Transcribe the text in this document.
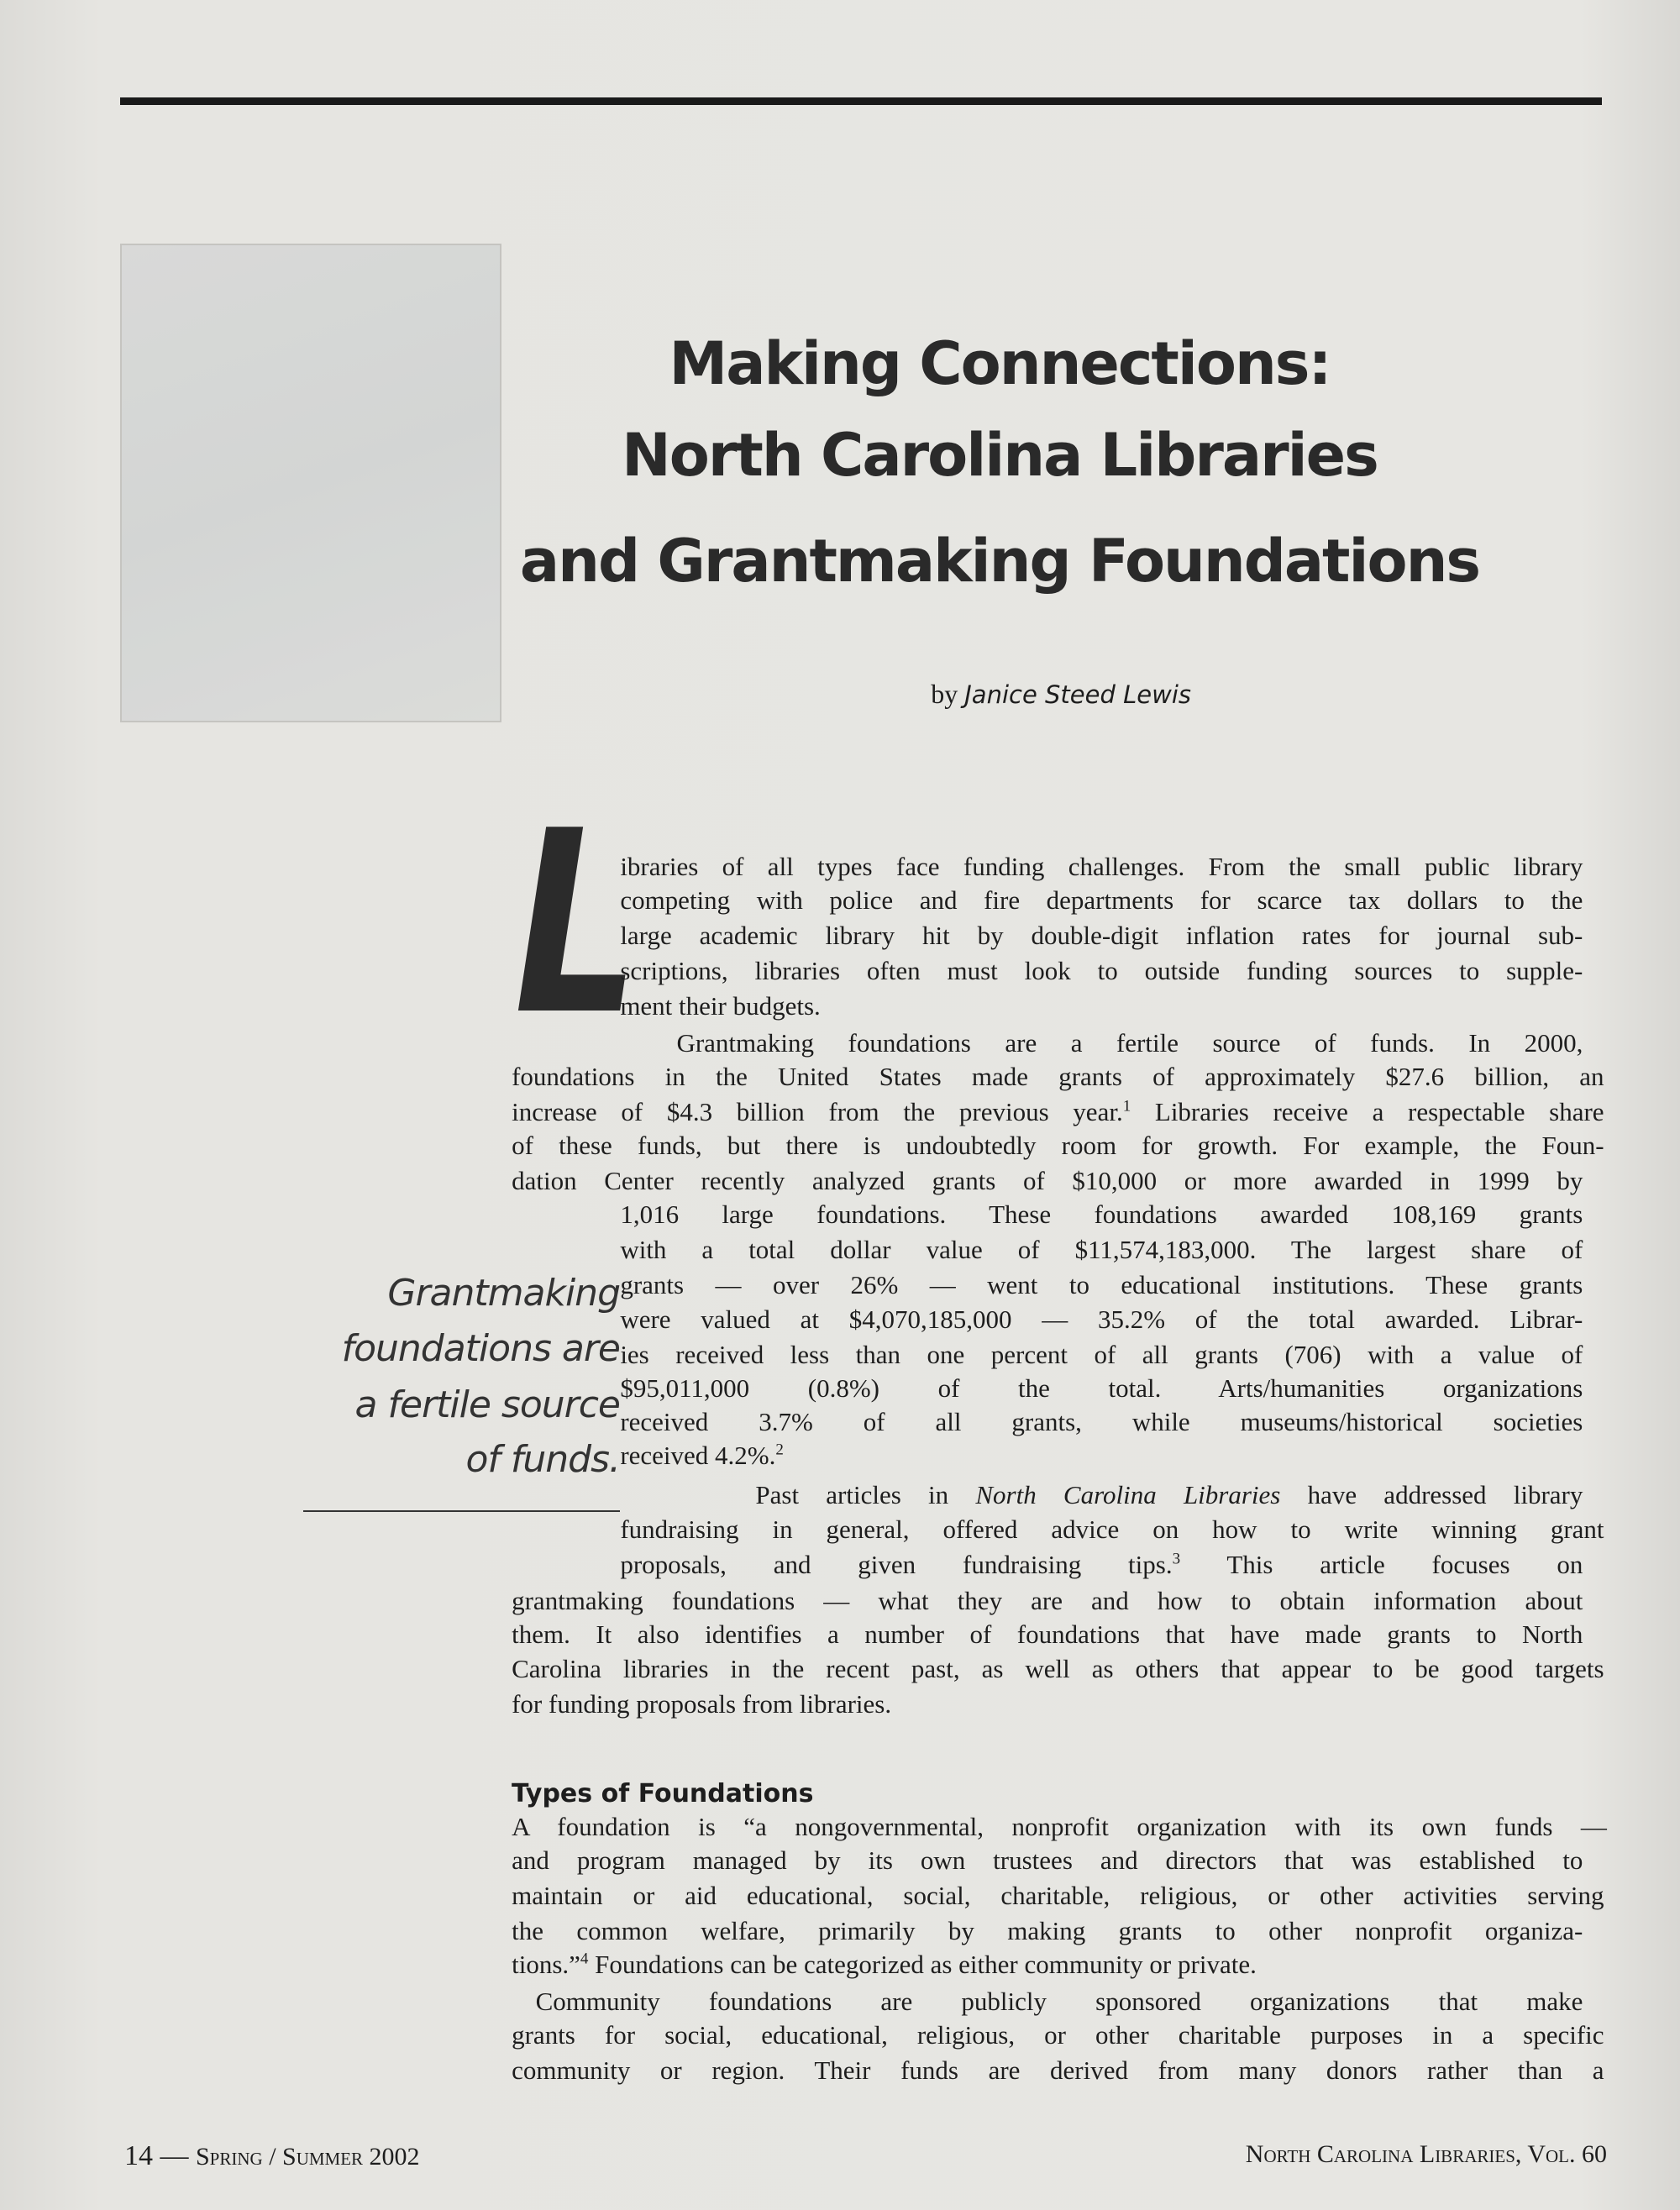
Making Connections:
North Carolina Libraries
and Grantmaking Foundations
by Janice Steed Lewis
L
Grantmaking
foundations are
a fertile source
of funds.
Types of Foundations
ibraries of all types face funding challenges. From the small public library
competing with police and fire departments for scarce tax dollars to the
large academic library hit by double-digit inflation rates for journal sub-
scriptions, libraries often must look to outside funding sources to supple-
ment their budgets.
Grantmaking foundations are a fertile source of funds. In 2000,
foundations in the United States made grants of approximately $27.6 billion, an
increase of $4.3 billion from the previous year.$^1$ Libraries receive a respectable share
of these funds, but there is undoubtedly room for growth. For example, the Foun-
dation Center recently analyzed grants of $10,000 or more awarded in 1999 by
1,016 large foundations. These foundations awarded 108,169 grants
with a total dollar value of $11,574,183,000. The largest share of
grants — over 26% — went to educational institutions. These grants
were valued at $4,070,185,000 — 35.2% of the total awarded. Librar-
ies received less than one percent of all grants (706) with a value of
$95,011,000 (0.8%) of the total. Arts/humanities organizations
received 3.7% of all grants, while museums/historical societies
received 4.2%.$^2$
Past articles in North Carolina Libraries have addressed library
fundraising in general, offered advice on how to write winning grant
proposals, and given fundraising tips.$^3$ This article focuses on
grantmaking foundations — what they are and how to obtain information about
them. It also identifies a number of foundations that have made grants to North
Carolina libraries in the recent past, as well as others that appear to be good targets
for funding proposals from libraries.
A foundation is “a nongovernmental, nonprofit organization with its own funds —
and program managed by its own trustees and directors that was established to
maintain or aid educational, social, charitable, religious, or other activities serving
the common welfare, primarily by making grants to other nonprofit organiza-
tions.”$^4$ Foundations can be categorized as either community or private.
Community foundations are publicly sponsored organizations that make
grants for social, educational, religious, or other charitable purposes in a specific
community or region. Their funds are derived from many donors rather than a
14 — Spring / Summer 2002	North Carolina Libraries, Vol. 60
